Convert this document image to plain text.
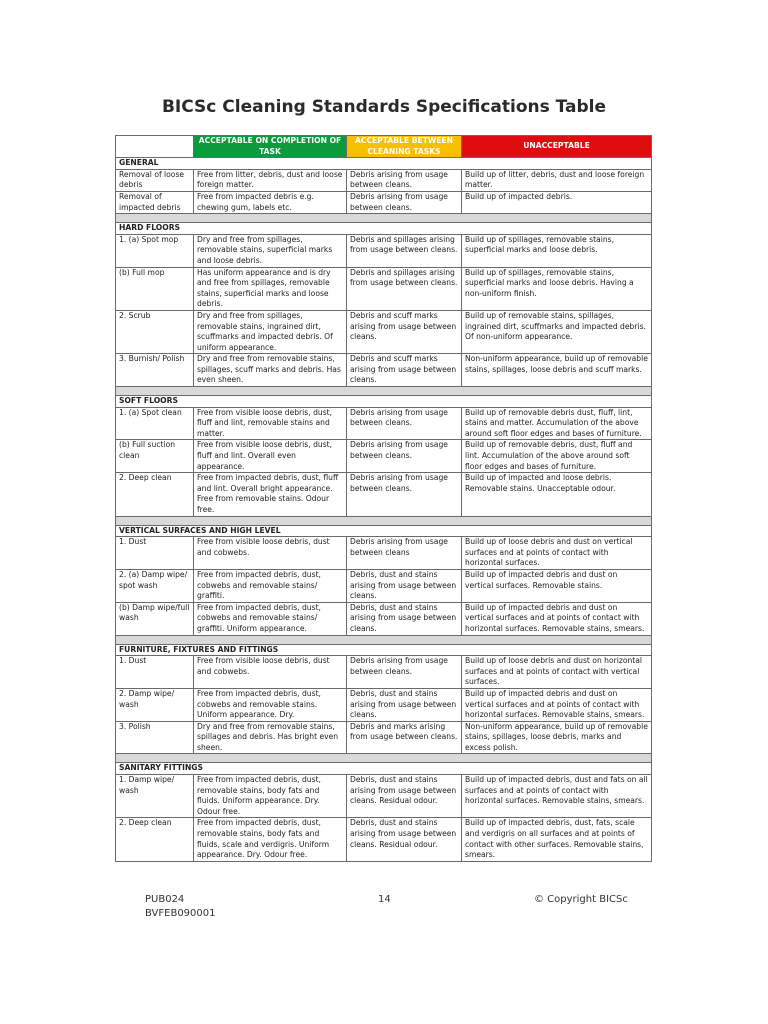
BICSc Cleaning Standards Specifications Table
	ACCEPTABLE ON COMPLETION OF TASK	ACCEPTABLE BETWEEN CLEANING TASKS	UNACCEPTABLE
GENERAL			
Removal of loose debris	Free from litter, debris, dust and loose foreign matter.	Debris arising from usage between cleans.	Build up of litter, debris, dust and loose foreign matter.
Removal of impacted debris	Free from impacted debris e.g. chewing gum, labels etc.	Debris arising from usage between cleans.	Build up of impacted debris.

HARD FLOORS			
1. (a) Spot mop	Dry and free from spillages, removable stains, superficial marks and loose debris.	Debris and spillages arising from usage between cleans.	Build up of spillages, removable stains, superficial marks and loose debris.
(b) Full mop	Has uniform appearance and is dry and free from spillages, removable stains, superficial marks and loose debris.	Debris and spillages arising from usage between cleans.	Build up of spillages, removable stains, superficial marks and loose debris. Having a non-uniform finish.
2. Scrub	Dry and free from spillages, removable stains, ingrained dirt, scuffmarks and impacted debris. Of uniform appearance.	Debris and scuff marks arising from usage between cleans.	Build up of removable stains, spillages, ingrained dirt, scuffmarks and impacted debris. Of non-uniform appearance.
3. Burnish/ Polish	Dry and free from removable stains, spillages, scuff marks and debris. Has even sheen.	Debris and scuff marks arising from usage between cleans.	Non-uniform appearance, build up of removable stains, spillages, loose debris and scuff marks.

SOFT FLOORS			
1. (a) Spot clean	Free from visible loose debris, dust, fluff and lint, removable stains and matter.	Debris arising from usage between cleans.	Build up of removable debris dust, fluff, lint, stains and matter. Accumulation of the above around soft floor edges and bases of furniture.
(b) Full suction clean	Free from visible loose debris, dust, fluff and lint. Overall even appearance.	Debris arising from usage between cleans.	Build up of removable debris, dust, fluff and lint. Accumulation of the above around soft floor edges and bases of furniture.
2. Deep clean	Free from impacted debris, dust, fluff and lint. Overall bright appearance. Free from removable stains. Odour free.	Debris arising from usage between cleans.	Build up of impacted and loose debris. Removable stains. Unacceptable odour.

VERTICAL SURFACES AND HIGH LEVEL			
1. Dust	Free from visible loose debris, dust and cobwebs.	Debris arising from usage between cleans	Build up of loose debris and dust on vertical surfaces and at points of contact with horizontal surfaces.
2. (a) Damp wipe/ spot wash	Free from impacted debris, dust, cobwebs and removable stains/ graffiti.	Debris, dust and stains arising from usage between cleans.	Build up of impacted debris and dust on vertical surfaces. Removable stains.
(b) Damp wipe/full wash	Free from impacted debris, dust, cobwebs and removable stains/ graffiti. Uniform appearance.	Debris, dust and stains arising from usage between cleans.	Build up of impacted debris and dust on vertical surfaces and at points of contact with horizontal surfaces. Removable stains, smears.

FURNITURE, FIXTURES AND FITTINGS			
1. Dust	Free from visible loose debris, dust and cobwebs.	Debris arising from usage between cleans.	Build up of loose debris and dust on horizontal surfaces and at points of contact with vertical surfaces.
2. Damp wipe/ wash	Free from impacted debris, dust, cobwebs and removable stains. Uniform appearance. Dry.	Debris, dust and stains arising from usage between cleans.	Build up of impacted debris and dust on vertical surfaces and at points of contact with horizontal surfaces. Removable stains, smears.
3. Polish	Dry and free from removable stains, spillages and debris. Has bright even sheen.	Debris and marks arising from usage between cleans.	Non-uniform appearance, build up of removable stains, spillages, loose debris, marks and excess polish.

SANITARY FITTINGS			
1. Damp wipe/ wash	Free from impacted debris, dust, removable stains, body fats and fluids. Uniform appearance. Dry. Odour free.	Debris, dust and stains arising from usage between cleans. Residual odour.	Build up of impacted debris, dust and fats on all surfaces and at points of contact with horizontal surfaces. Removable stains, smears.
2. Deep clean	Free from impacted debris, dust, removable stains, body fats and fluids, scale and verdigris. Uniform appearance. Dry. Odour free.	Debris, dust and stains arising from usage between cleans. Residual odour.	Build up of impacted debris, dust, fats, scale and verdigris on all surfaces and at points of contact with other surfaces. Removable stains, smears.
PUB024
BVFEB090001
14	© Copyright BICSc
